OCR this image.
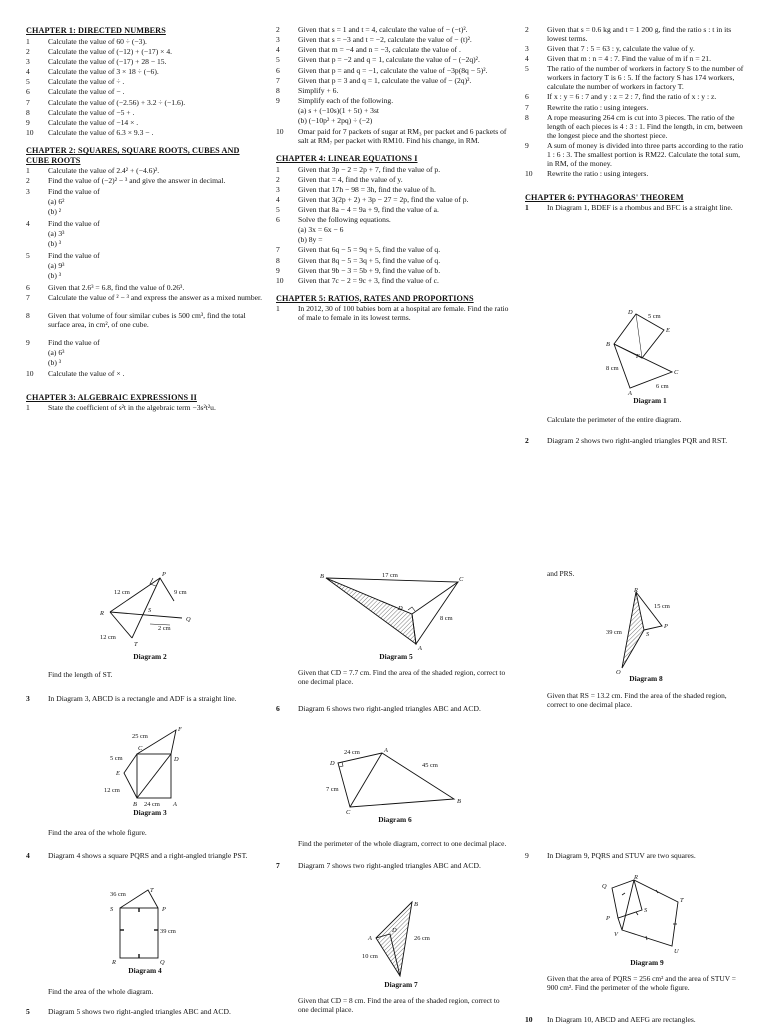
CHAPTER 1: DIRECTED NUMBERS
1	Calculate the value of 60 ÷ (−3).
2	Calculate the value of (−12) + (−17) × 4.
3	Calculate the value of (−17) + 28 − 15.
4	Calculate the value of 3 × 18 ÷ (−6).
5	Calculate the value of ÷ .
6	Calculate the value of − .
7	Calculate the value of (−2.56) + 3.2 ÷ (−1.6).
8	Calculate the value of −5 + .
9	Calculate the value of −14 × .
10	Calculate the value of 6.3 × 9.3 − .
CHAPTER 2: SQUARES, SQUARE ROOTS, CUBES AND CUBE ROOTS
1	Calculate the value of 2.4² + (−4.6)².
2	Find the value of (−2)² − ³ and give the answer in decimal.
3	Find the value of
(a) 6²
(b) ²
4	Find the value of
(a) 3³
(b) ³
5	Find the value of
(a) 9³
(b) ³
6	Given that 2.6³ = 6.8, find the value of 0.26³.
7	Calculate the value of ² − ³ and express the answer as a mixed number.
8	Given that volume of four similar cubes is 500 cm³, find the total surface area, in cm², of one cube.
9	Find the value of
(a) 6³
(b) ³
10	Calculate the value of × .
CHAPTER 3: ALGEBRAIC EXPRESSIONS II
1	State the coefficient of s²t in the algebraic term −3s²t²u.
P
Q
R	S
T
12 cm	9 cm
2 cm
12 cm
Diagram 2
Find the length of ST.
3	In Diagram 3, ABCD is a rectangle and ADF is a straight line.
F
D
C
E
B	A
25 cm
5 cm
12 cm
24 cm
Diagram 3
Find the area of the whole figure.
4	Diagram 4 shows a square PQRS and a right-angled triangle PST.
T
S	P
R	Q
36 cm
39 cm
Diagram 4
Find the area of the whole diagram.
5	Diagram 5 shows two right-angled triangles ABC and ACD.
2	Given that s = 1 and t = 4, calculate the value of − (−t)².
3	Given that s = −3 and t = −2, calculate the value of − (t)².
4	Given that m = −4 and n = −3, calculate the value of .
5	Given that p = −2 and q = 1, calculate the value of − (−2q)².
6	Given that p = and q = −1, calculate the value of −3p(8q − 5)².
7	Given that p = 3 and q = 1, calculate the value of − (2q)².
8	Simplify + 6.
9	Simplify each of the following.
(a) s + (−10s)(1 + 5t) + 3st
(b) (−10p² + 2pq) ÷ (−2)
10	Omar paid for 7 packets of sugar at RM₃ per packet and 6 packets of salt at RM₇ per packet with RM10. Find his change, in RM.
CHAPTER 4: LINEAR EQUATIONS I
1	Given that 3p − 2 = 2p + 7, find the value of p.
2	Given that = 4, find the value of y.
3	Given that 17h − 98 = 3h, find the value of h.
4	Given that 3(2p + 2) + 3p − 27 = 2p, find the value of p.
5	Given that 8a − 4 = 9a + 9, find the value of a.
6	Solve the following equations.
(a) 3x = 6x − 6
(b) 8y =
7	Given that 6q − 5 = 9q + 5, find the value of q.
8	Given that 8q − 5 = 3q + 5, find the value of q.
9	Given that 9b − 3 = 5b + 9, find the value of b.
10	Given that 7c − 2 = 9c + 3, find the value of c.
CHAPTER 5: RATIOS, RATES AND PROPORTIONS
1	In 2012, 30 of 100 babies born at a hospital are female. Find the ratio of male to female in its lowest terms.
B	C
D
A
17 cm
8 cm
Diagram 5
Given that CD = 7.7 cm. Find the area of the shaded region, correct to one decimal place.
6	Diagram 6 shows two right-angled triangles ABC and ACD.
D
A
C
B
24 cm
45 cm
7 cm
Diagram 6
Find the perimeter of the whole diagram, correct to one decimal place.
7	Diagram 7 shows two right-angled triangles ABC and ACD.
B
A
D
26 cm
10 cm
Diagram 7
Given that CD = 8 cm. Find the area of the shaded region, correct to one decimal place.
2	Given that s = 0.6 kg and t = 1 200 g, find the ratio s : t in its lowest terms.
3	Given that 7 : 5 = 63 : y, calculate the value of y.
4	Given that m : n = 4 : 7. Find the value of m if n = 21.
5	The ratio of the number of workers in factory S to the number of workers in factory T is 6 : 5. If the factory S has 174 workers, calculate the number of workers in factory T.
6	If x : y = 6 : 7 and y : z = 2 : 7, find the ratio of x : y : z.
7	Rewrite the ratio : using integers.
8	A rope measuring 264 cm is cut into 3 pieces. The ratio of the length of each pieces is 4 : 3 : 1. Find the length, in cm, between the longest piece and the shortest piece.
9	A sum of money is divided into three parts according to the ratio 1 : 6 : 3. The smallest portion is RM22. Calculate the total sum, in RM, of the money.
10	Rewrite the ratio : using integers.
CHAPTER 6: PYTHAGORAS' THEOREM
1	In Diagram 1, BDEF is a rhombus and BFC is a straight line.
D
E
B
F
C
A
5 cm
8 cm
6 cm
Diagram 1
Calculate the perimeter of the entire diagram.
2	Diagram 2 shows two right-angled triangles PQR and RST.
and PRS.
R
P
S
Q
15 cm
39 cm
Diagram 8
Given that RS = 13.2 cm. Find the area of the shaded region, correct to one decimal place.
9	In Diagram 9, PQRS and STUV are two squares.
Q
R
P
T
S
V
U
Diagram 9
Given that the area of PQRS = 256 cm² and the area of STUV = 900 cm². Find the perimeter of the whole figure.
10	In Diagram 10, ABCD and AEFG are rectangles.
